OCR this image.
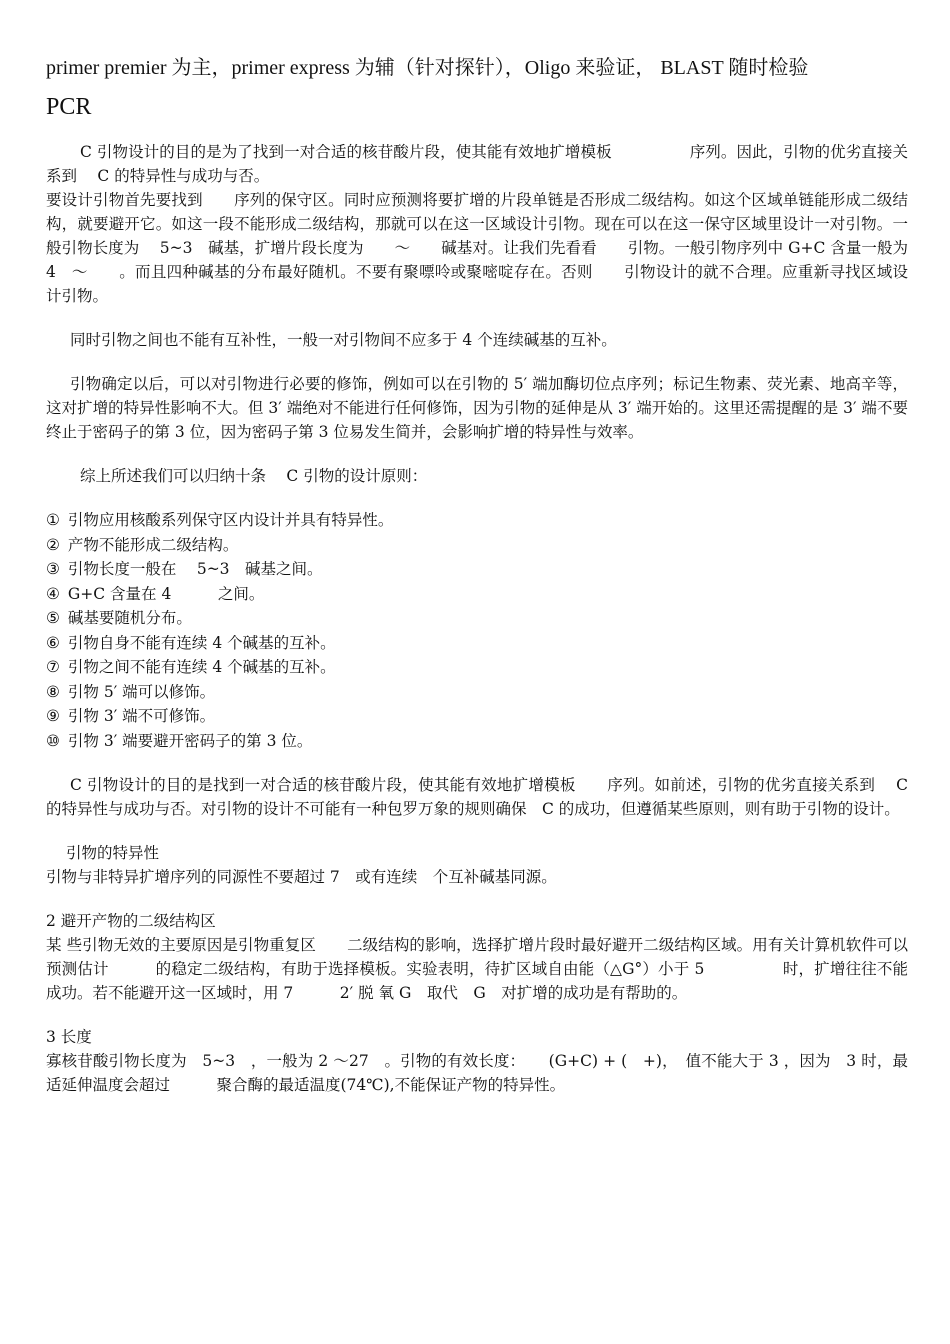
primer premier 为主，primer express 为辅（针对探针），Oligo 来验证， BLAST 随时检验

PCR

C 引物设计的目的是为了找到一对合适的核苷酸片段，使其能有效地扩增模板　　　　　序列。因此，引物的优劣直接关系到　 C 的特异性与成功与否。

要设计引物首先要找到　　序列的保守区。同时应预测将要扩增的片段单链是否形成二级结构。如这个区域单链能形成二级结构，就要避开它。如这一段不能形成二级结构，那就可以在这一区域设计引物。现在可以在这一保守区域里设计一对引物。一般引物长度为　 5~3　碱基，扩增片段长度为　　～　　碱基对。让我们先看看　　引物。一般引物序列中 G+C 含量一般为 4　～　　。而且四种碱基的分布最好随机。不要有聚嘌呤或聚嘧啶存在。否则　　引物设计的就不合理。应重新寻找区域设计引物。

同时引物之间也不能有互补性，一般一对引物间不应多于 4 个连续碱基的互补。

引物确定以后，可以对引物进行必要的修饰，例如可以在引物的 5′ 端加酶切位点序列；标记生物素、荧光素、地高辛等，这对扩增的特异性影响不大。但 3′ 端绝对不能进行任何修饰，因为引物的延伸是从 3′ 端开始的。这里还需提醒的是 3′ 端不要终止于密码子的第 3 位，因为密码子第 3 位易发生简并，会影响扩增的特异性与效率。

综上所述我们可以归纳十条　 C 引物的设计原则：

① 引物应用核酸系列保守区内设计并具有特异性。
② 产物不能形成二级结构。
③ 引物长度一般在　 5~3　碱基之间。
④ G+C 含量在 4　　　之间。
⑤ 碱基要随机分布。
⑥ 引物自身不能有连续 4 个碱基的互补。
⑦ 引物之间不能有连续 4 个碱基的互补。
⑧ 引物 5′ 端可以修饰。
⑨ 引物 3′ 端不可修饰。
⑩ 引物 3′ 端要避开密码子的第 3 位。

C 引物设计的目的是找到一对合适的核苷酸片段，使其能有效地扩增模板　　序列。如前述，引物的优劣直接关系到　 C 的特异性与成功与否。对引物的设计不可能有一种包罗万象的规则确保　C 的成功，但遵循某些原则，则有助于引物的设计。

引物的特异性

引物与非特异扩增序列的同源性不要超过 7　或有连续　个互补碱基同源。

2 避开产物的二级结构区

某 些引物无效的主要原因是引物重复区　　二级结构的影响，选择扩增片段时最好避开二级结构区域。用有关计算机软件可以预测估计　　　的稳定二级结构，有助于选择模板。实验表明，待扩区域自由能（△G°）小于 5　　　　　时，扩增往往不能成功。若不能避开这一区域时，用 7　　　2′ 脱 氧 G　取代　G　对扩增的成功是有帮助的。

3 长度

寡核苷酸引物长度为　5~3　，一般为 2 ～27　。引物的有效长度：　　(G+C) + (　+)，　值不能大于 3 ，因为　3 时，最适延伸温度会超过　　　聚合酶的最适温度(74℃),不能保证产物的特异性。
